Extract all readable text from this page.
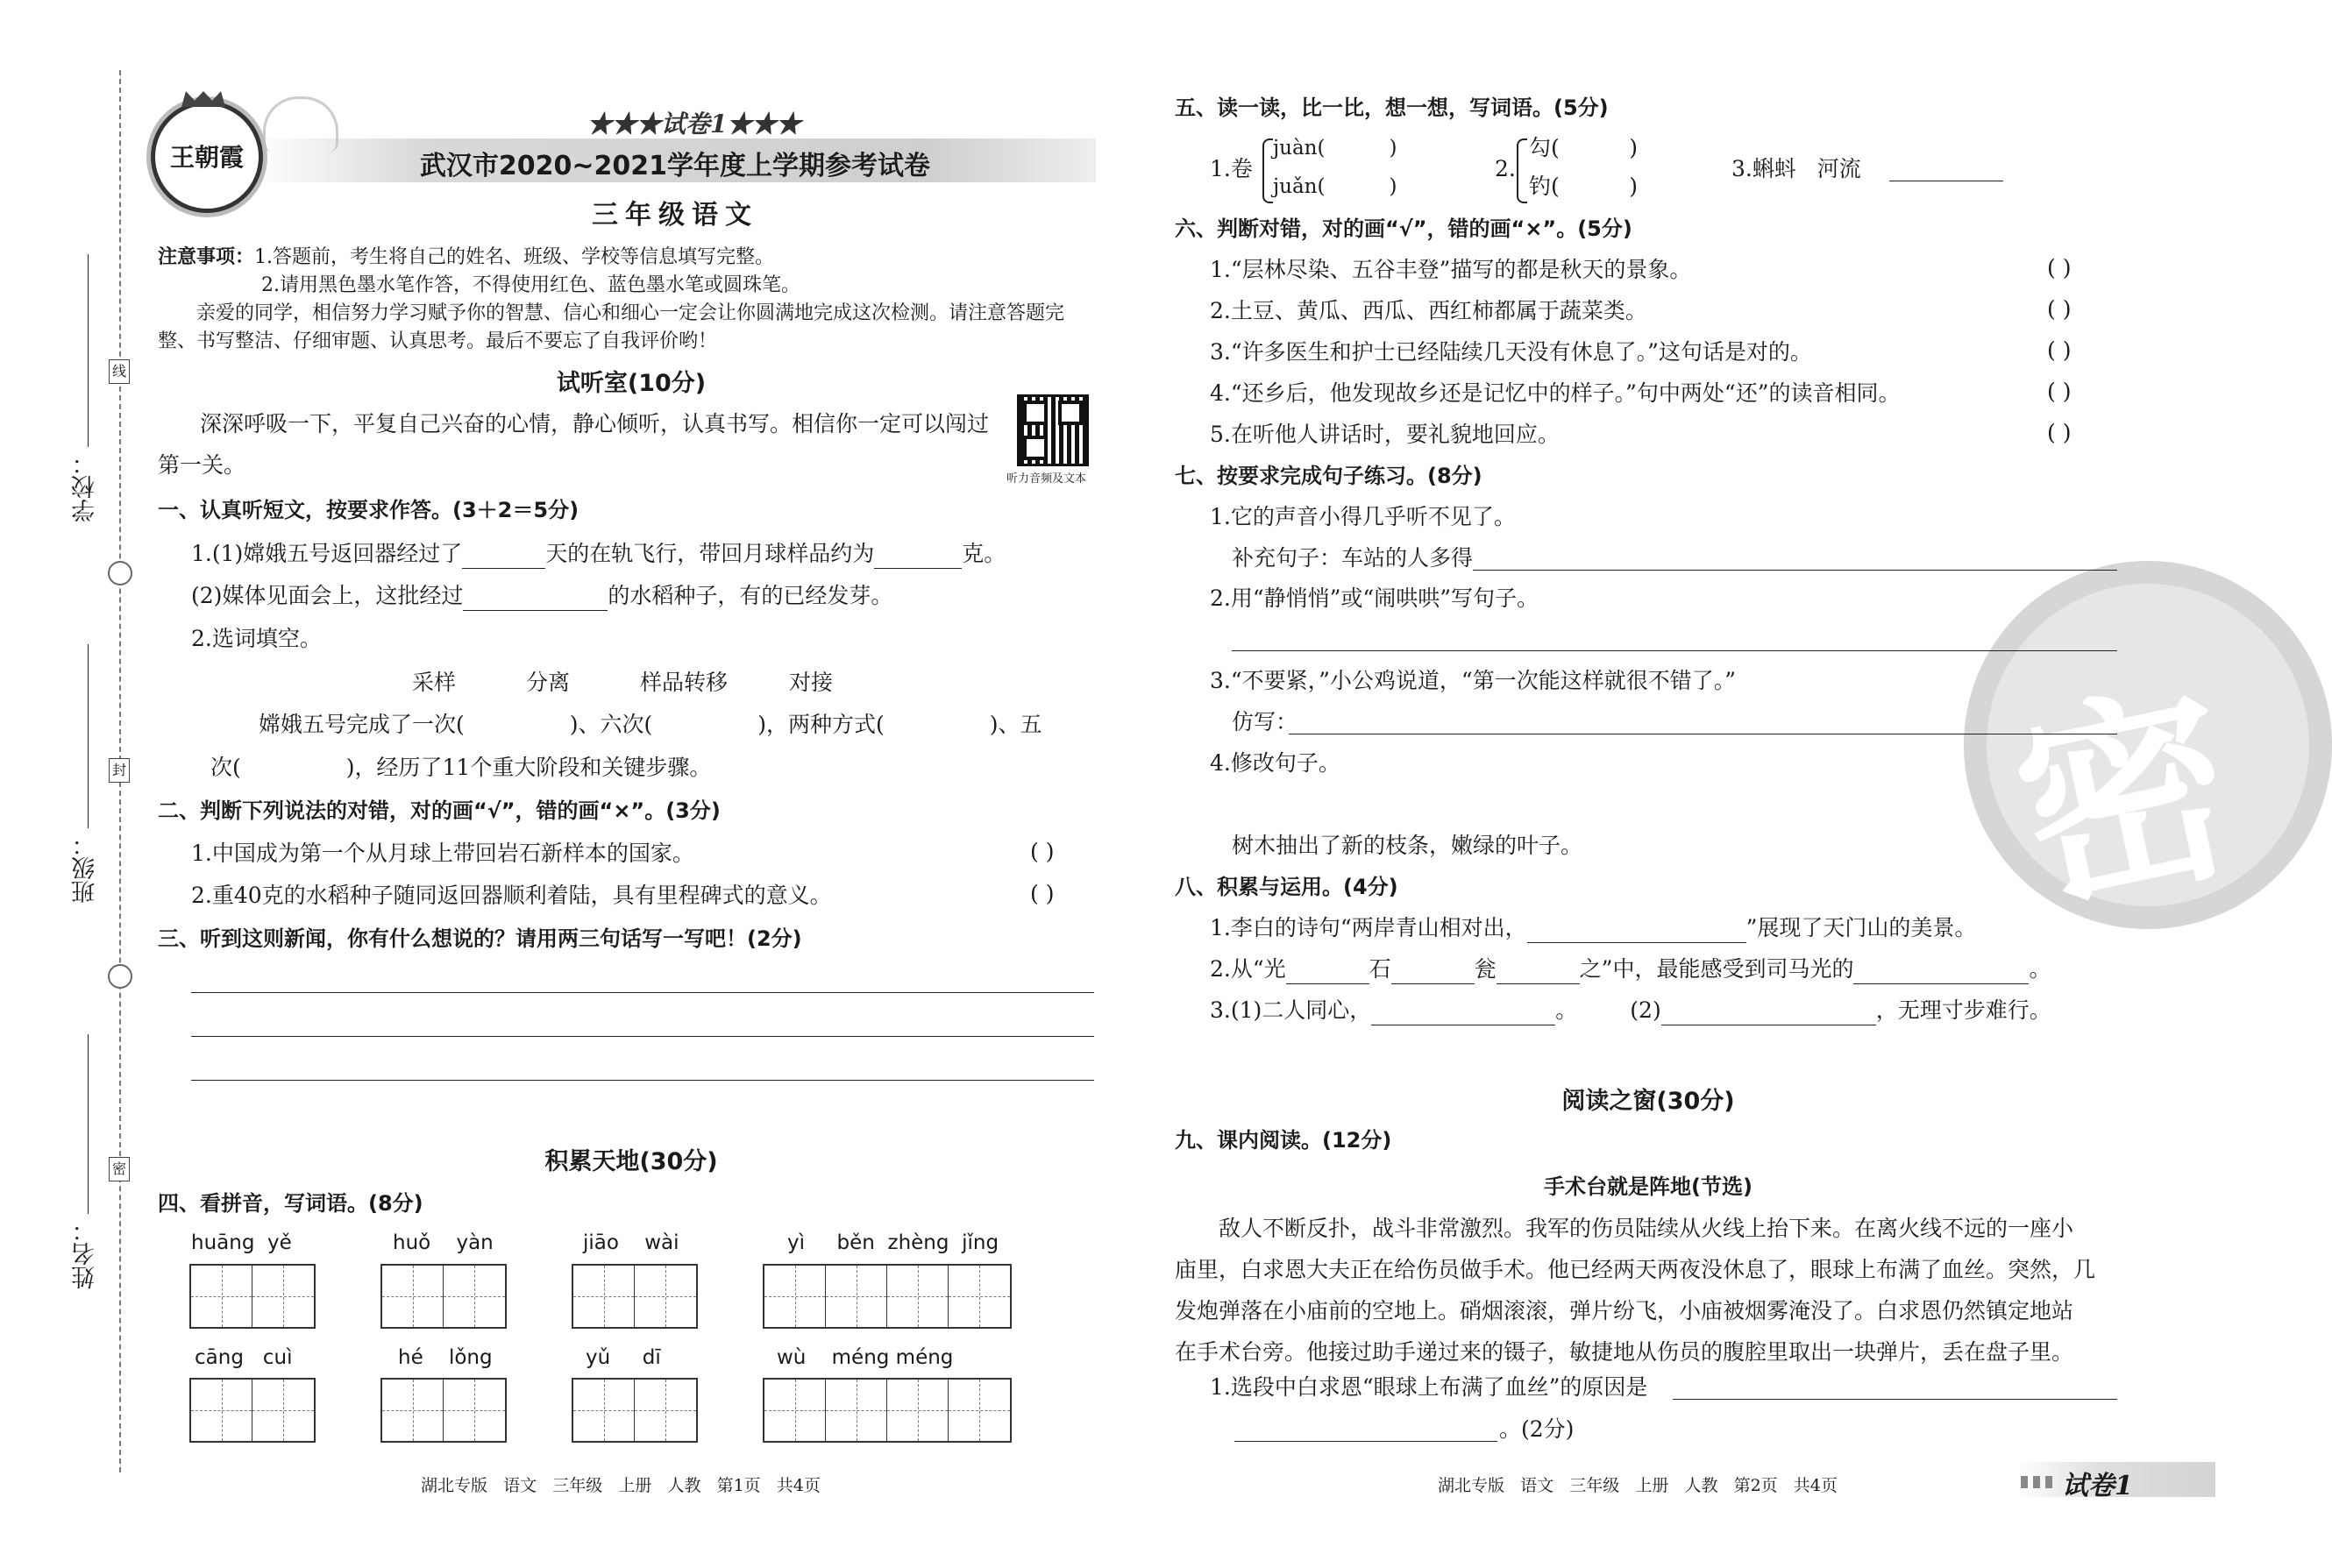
学校：
班级：
姓名：
线
封
密
王朝霞
★★★试卷1★★★
武汉市2020~2021学年度上学期参考试卷
三年级语文
注意事项：1.答题前，考生将自己的姓名、班级、学校等信息填写完整。
2.请用黑色墨水笔作答，不得使用红色、蓝色墨水笔或圆珠笔。
亲爱的同学，相信努力学习赋予你的智慧、信心和细心一定会让你圆满地完成这次检测。请注意答题完
整、书写整洁、仔细审题、认真思考。最后不要忘了自我评价哟！
试听室(10分)
深深呼吸一下，平复自己兴奋的心情，静心倾听，认真书写。相信你一定可以闯过
第一关。
听力音频及文本
一、认真听短文，按要求作答。(3＋2＝5分)
1.(1)嫦娥五号返回器经过了	天的在轨飞行，带回月球样品约为	克。
(2)媒体见面会上，这批经过	的水稻种子，有的已经发芽。
2.选词填空。
采样	分离	样品转移	对接
嫦娥五号完成了一次(	)、六次(	)，两种方式(	)、五
次(	)，经历了11个重大阶段和关键步骤。
二、判断下列说法的对错，对的画“√”，错的画“×”。(3分)
1.中国成为第一个从月球上带回岩石新样本的国家。	( )
2.重40克的水稻种子随同返回器顺利着陆，具有里程碑式的意义。	( )
三、听到这则新闻，你有什么想说的？请用两三句话写一写吧！(2分)
积累天地(30分)
四、看拼音，写词语。(8分)
huāng  yě	huǒ    yàn	jiāo    wài	yì     běn  zhèng  jǐng
cāng   cuì	hé    lǒng	yǔ     dī	wù    méng méng
湖北专版   语文   三年级   上册   人教   第1页   共4页
密
五、读一读，比一比，想一想，写词语。(5分)
1.卷
juàn(          )
juǎn(          )
2.
勾(          )
钓(          )
3.蝌蚪   河流
六、判断对错，对的画“√”，错的画“×”。(5分)
1.“层林尽染、五谷丰登”描写的都是秋天的景象。	( )
2.土豆、黄瓜、西瓜、西红柿都属于蔬菜类。	( )
3.“许多医生和护士已经陆续几天没有休息了。”这句话是对的。	( )
4.“还乡后，他发现故乡还是记忆中的样子。”句中两处“还”的读音相同。	( )
5.在听他人讲话时，要礼貌地回应。	( )
七、按要求完成句子练习。(8分)
1.它的声音小得几乎听不见了。
补充句子：车站的人多得
2.用“静悄悄”或“闹哄哄”写句子。
3.“不要紧，”小公鸡说道，“第一次能这样就很不错了。”
仿写：
4.修改句子。
树木抽出了新的枝条，嫩绿的叶子。
八、积累与运用。(4分)
1.李白的诗句“两岸青山相对出，	”展现了天门山的美景。
2.从“光	石	瓮	之”中，最能感受到司马光的	。
3.(1)二人同心，	。 (2)	，无理寸步难行。
阅读之窗(30分)
九、课内阅读。(12分)
手术台就是阵地(节选)
敌人不断反扑，战斗非常激烈。我军的伤员陆续从火线上抬下来。在离火线不远的一座小
庙里，白求恩大夫正在给伤员做手术。他已经两天两夜没休息了，眼球上布满了血丝。突然，几
发炮弹落在小庙前的空地上。硝烟滚滚，弹片纷飞，小庙被烟雾淹没了。白求恩仍然镇定地站
在手术台旁。他接过助手递过来的镊子，敏捷地从伤员的腹腔里取出一块弹片，丢在盘子里。
1.选段中白求恩“眼球上布满了血丝”的原因是
。(2分)
湖北专版   语文   三年级   上册   人教   第2页   共4页	试卷1
